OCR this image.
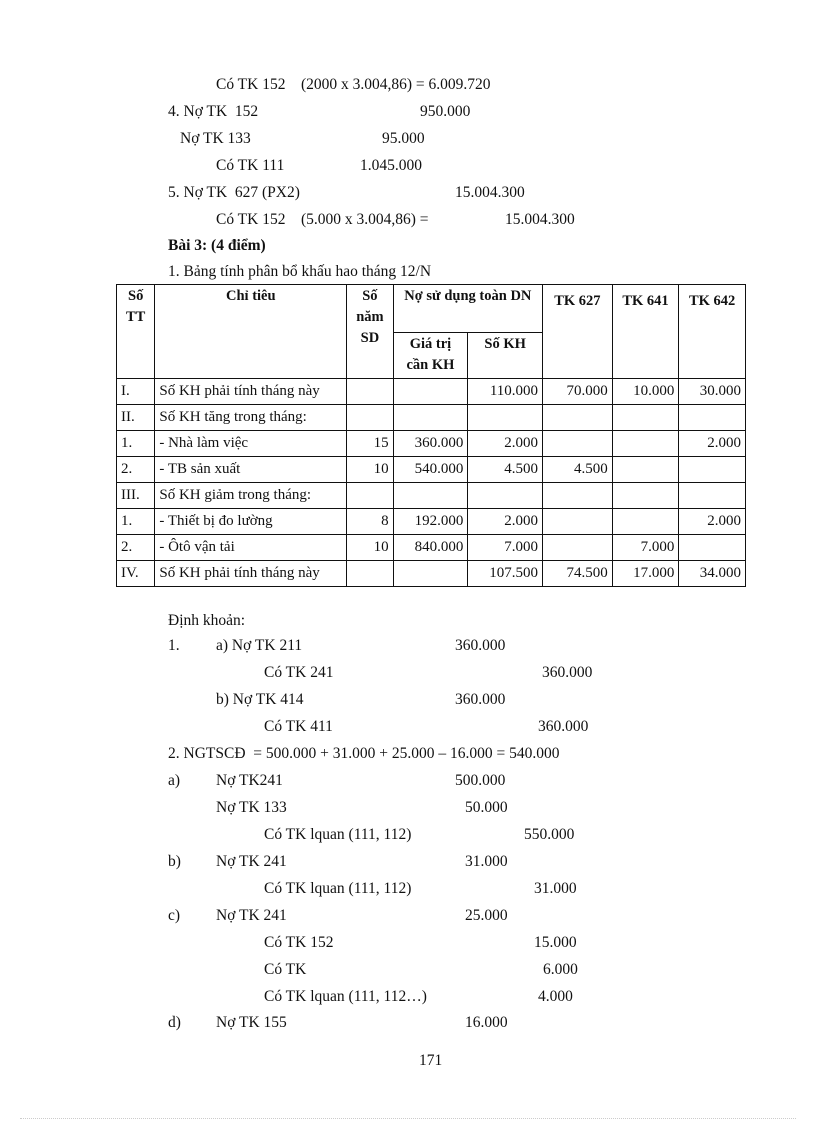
Có TK 152    (2000 x 3.004,86) = 6.009.720
4. Nợ TK  152	950.000
Nợ TK 133	95.000
Có TK 111	1.045.000
5. Nợ TK  627 (PX2)	15.004.300
Có TK 152    (5.000 x 3.004,86) =	15.004.300
Bài 3: (4 điểm)
1. Bảng tính phân bổ khấu hao tháng 12/N
Số TT	Chỉ tiêu	Số năm SD	Nợ sử dụng toàn DN		TK 627	TK 641	TK 642
			Giá trị cần KH	Số KH			
I.	Số KH phải tính tháng này			110.000	70.000	10.000	30.000
II.	Số KH tăng trong tháng:						
1.	- Nhà làm việc	15	360.000	2.000			2.000
2.	- TB sản xuất	10	540.000	4.500	4.500		
III.	Số KH giảm trong tháng:						
1.	- Thiết bị đo lường	8	192.000	2.000			2.000
2.	- Ôtô vận tải	10	840.000	7.000		7.000	
IV.	Số KH phải tính tháng này			107.500	74.500	17.000	34.000
Định khoản:
1. a) Nợ TK 211	360.000
Có TK 241	360.000
b) Nợ TK 414	360.000
Có TK 411	360.000
2. NGTSCĐ  = 500.000 + 31.000 + 25.000 – 16.000 = 540.000
a) Nợ TK241	500.000
Nợ TK 133	50.000
Có TK lquan (111, 112)	550.000
b) Nợ TK 241	31.000
Có TK lquan (111, 112)	31.000
c) Nợ TK 241	25.000
Có TK 152	15.000
Có TK	6.000
Có TK lquan (111, 112…)	4.000
d) Nợ TK 155	16.000
171
